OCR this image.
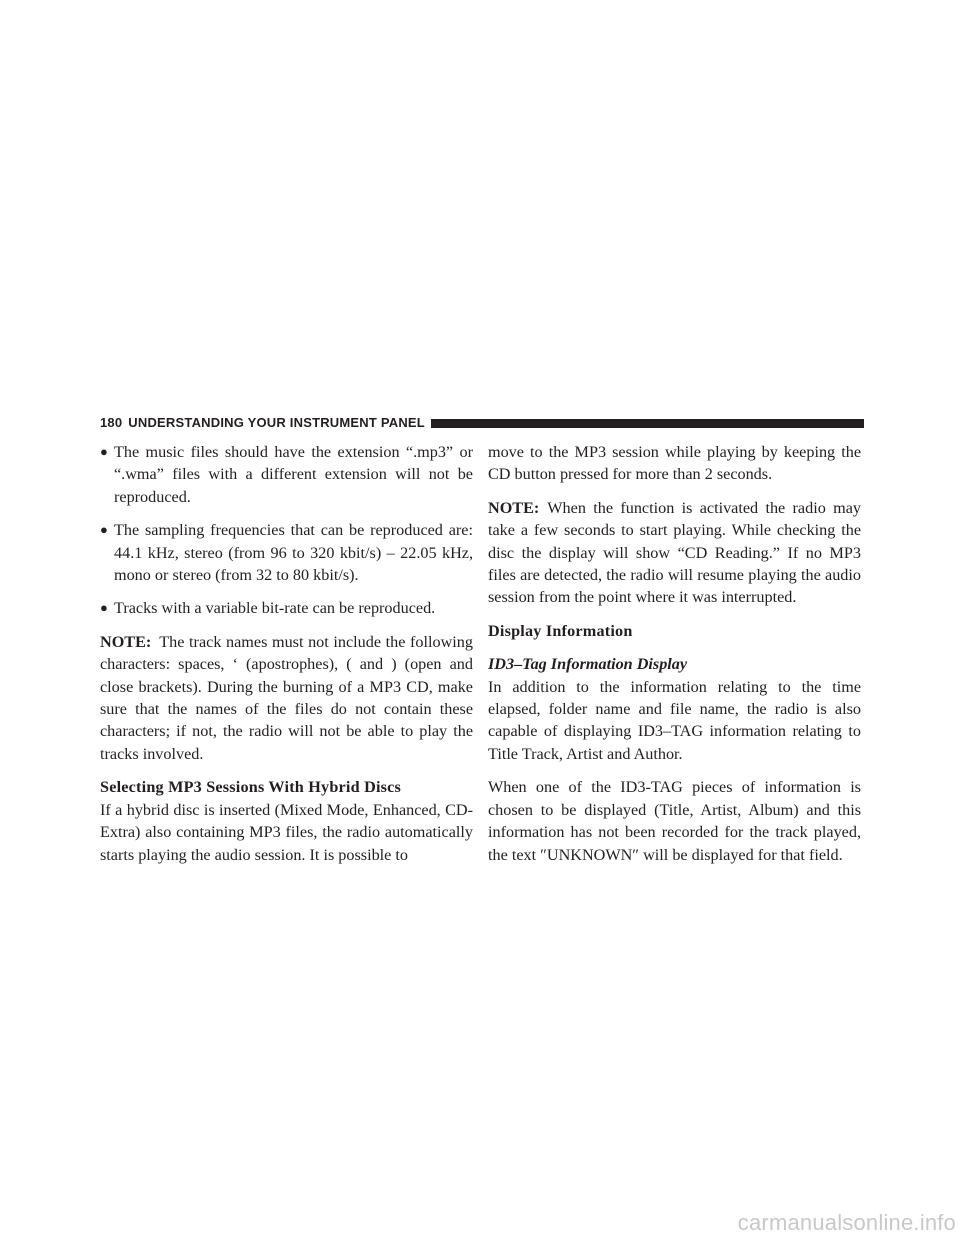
180 UNDERSTANDING YOUR INSTRUMENT PANEL
● The music files should have the extension “.mp3” or “.wma” files with a different extension will not be reproduced.
● The sampling frequencies that can be reproduced are: 44.1 kHz, stereo (from 96 to 320 kbit/s) – 22.05 kHz, mono or stereo (from 32 to 80 kbit/s).
● Tracks with a variable bit-rate can be reproduced.

NOTE: The track names must not include the following characters: spaces, ‘ (apostrophes), ( and ) (open and close brackets). During the burning of a MP3 CD, make sure that the names of the files do not contain these characters; if not, the radio will not be able to play the tracks involved.

Selecting MP3 Sessions With Hybrid Discs

If a hybrid disc is inserted (Mixed Mode, Enhanced, CD-Extra) also containing MP3 files, the radio automatically starts playing the audio session. It is possible to

move to the MP3 session while playing by keeping the CD button pressed for more than 2 seconds.

NOTE: When the function is activated the radio may take a few seconds to start playing. While checking the disc the display will show “CD Reading.” If no MP3 files are detected, the radio will resume playing the audio session from the point where it was interrupted.

Display Information
ID3–Tag Information Display

In addition to the information relating to the time elapsed, folder name and file name, the radio is also capable of displaying ID3–TAG information relating to Title Track, Artist and Author.

When one of the ID3-TAG pieces of information is chosen to be displayed (Title, Artist, Album) and this information has not been recorded for the track played, the text ″UNKNOWN″ will be displayed for that field.

carmanualsonline.info
